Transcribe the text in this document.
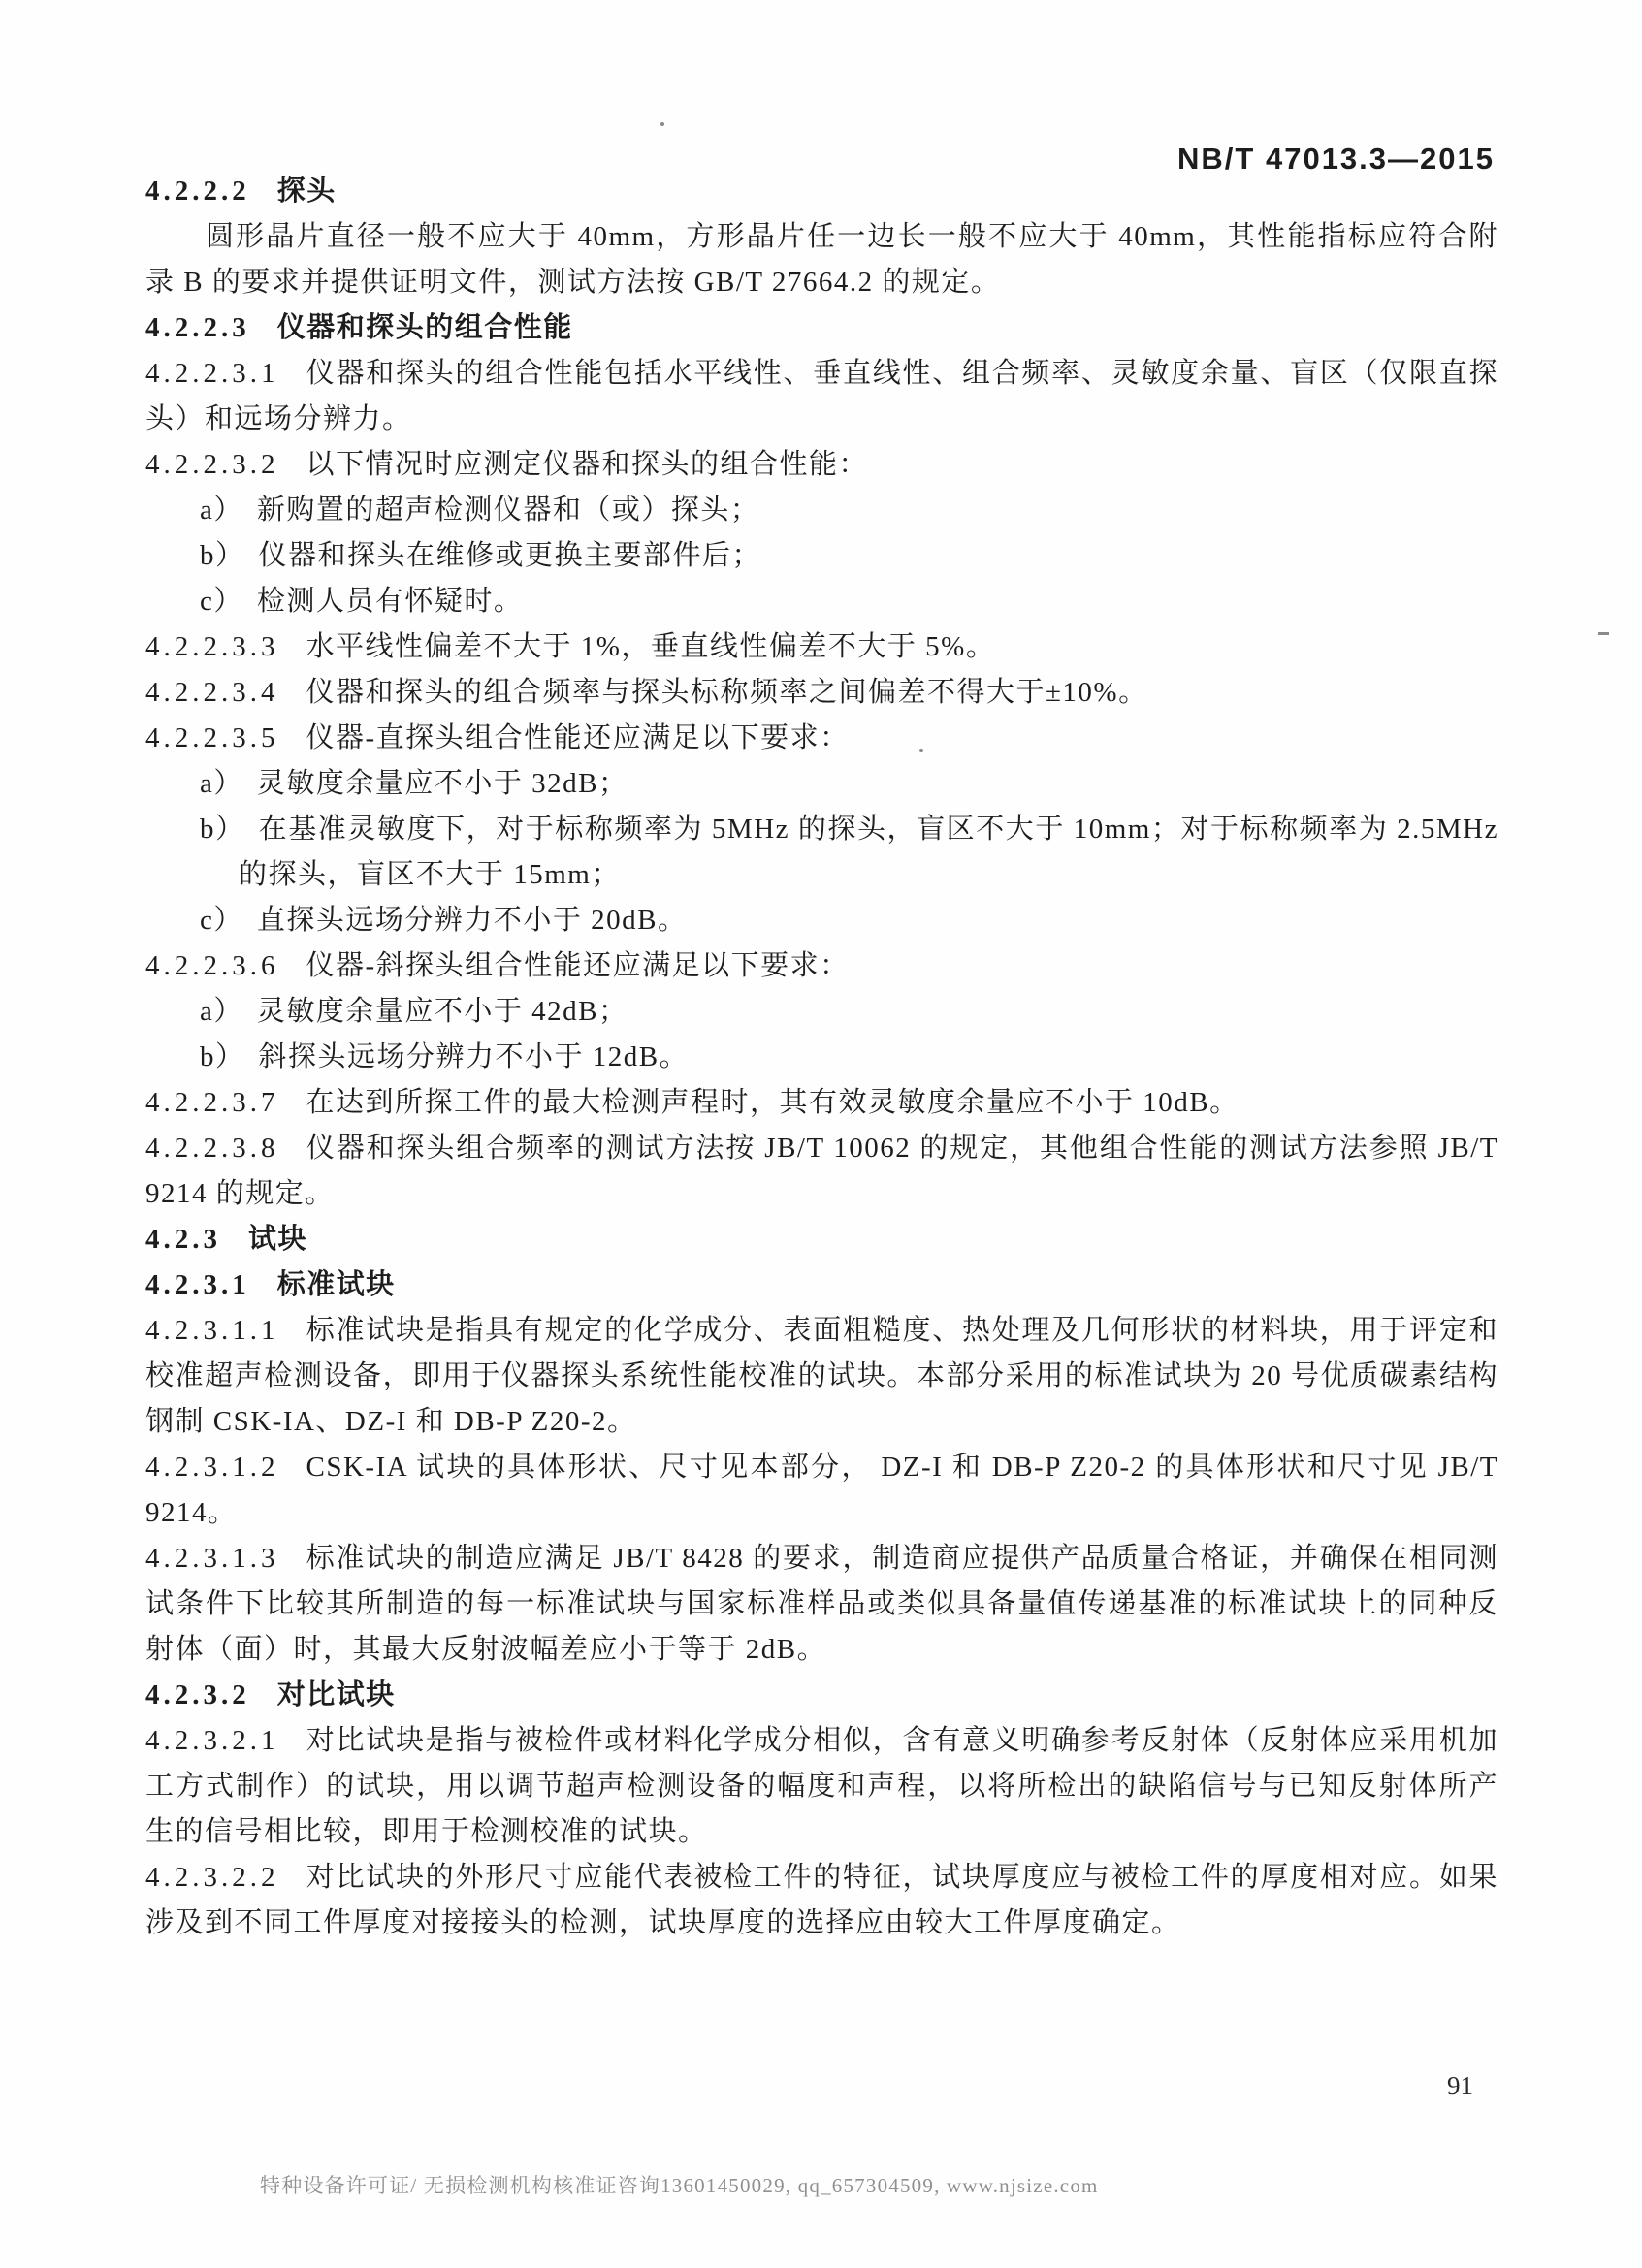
NB/T 47013.3—2015
4.2.2.2 探头
圆形晶片直径一般不应大于 40mm，方形晶片任一边长一般不应大于 40mm，其性能指标应符合附录 B 的要求并提供证明文件，测试方法按 GB/T 27664.2 的规定。
4.2.2.3 仪器和探头的组合性能
4.2.2.3.1 仪器和探头的组合性能包括水平线性、垂直线性、组合频率、灵敏度余量、盲区（仅限直探头）和远场分辨力。
4.2.2.3.2 以下情况时应测定仪器和探头的组合性能：
a） 新购置的超声检测仪器和（或）探头；
b） 仪器和探头在维修或更换主要部件后；
c） 检测人员有怀疑时。
4.2.2.3.3 水平线性偏差不大于 1%，垂直线性偏差不大于 5%。
4.2.2.3.4 仪器和探头的组合频率与探头标称频率之间偏差不得大于±10%。
4.2.2.3.5 仪器-直探头组合性能还应满足以下要求：
a） 灵敏度余量应不小于 32dB；
b） 在基准灵敏度下，对于标称频率为 5MHz 的探头，盲区不大于 10mm；对于标称频率为 2.5MHz 的探头，盲区不大于 15mm；
c） 直探头远场分辨力不小于 20dB。
4.2.2.3.6 仪器-斜探头组合性能还应满足以下要求：
a） 灵敏度余量应不小于 42dB；
b） 斜探头远场分辨力不小于 12dB。
4.2.2.3.7 在达到所探工件的最大检测声程时，其有效灵敏度余量应不小于 10dB。
4.2.2.3.8 仪器和探头组合频率的测试方法按 JB/T 10062 的规定，其他组合性能的测试方法参照 JB/T 9214 的规定。
4.2.3 试块
4.2.3.1 标准试块
4.2.3.1.1 标准试块是指具有规定的化学成分、表面粗糙度、热处理及几何形状的材料块，用于评定和校准超声检测设备，即用于仪器探头系统性能校准的试块。本部分采用的标准试块为 20 号优质碳素结构钢制 CSK-IA、DZ-I 和 DB-P Z20-2。
4.2.3.1.2 CSK-IA 试块的具体形状、尺寸见本部分， DZ-I 和 DB-P Z20-2 的具体形状和尺寸见 JB/T 9214。
4.2.3.1.3 标准试块的制造应满足 JB/T 8428 的要求，制造商应提供产品质量合格证，并确保在相同测试条件下比较其所制造的每一标准试块与国家标准样品或类似具备量值传递基准的标准试块上的同种反射体（面）时，其最大反射波幅差应小于等于 2dB。
4.2.3.2 对比试块
4.2.3.2.1 对比试块是指与被检件或材料化学成分相似，含有意义明确参考反射体（反射体应采用机加工方式制作）的试块，用以调节超声检测设备的幅度和声程，以将所检出的缺陷信号与已知反射体所产生的信号相比较，即用于检测校准的试块。
4.2.3.2.2 对比试块的外形尺寸应能代表被检工件的特征，试块厚度应与被检工件的厚度相对应。如果涉及到不同工件厚度对接接头的检测，试块厚度的选择应由较大工件厚度确定。
91
特种设备许可证/ 无损检测机构核准证咨询13601450029, qq_657304509, www.njsize.com
